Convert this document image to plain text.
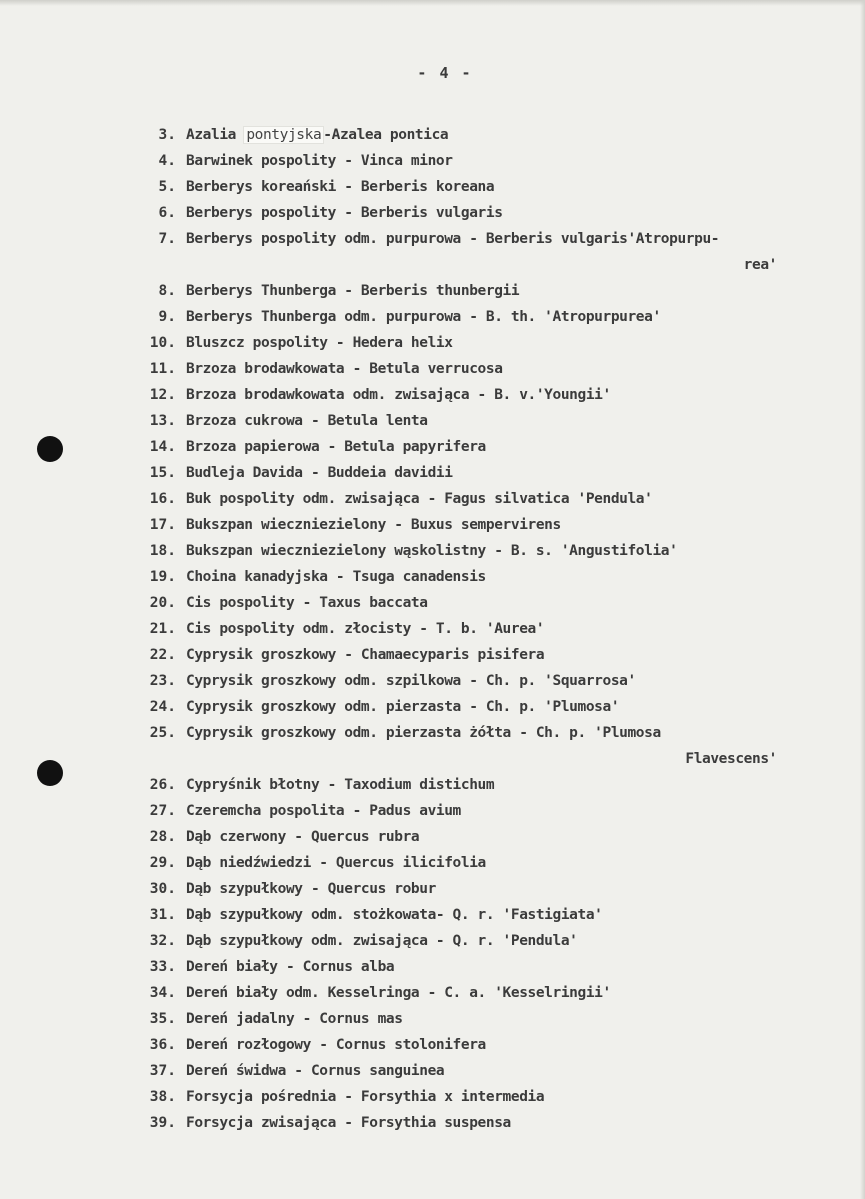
- 4 -
3. Azalia pontyjska -Azalea pontica
4. Barwinek pospolity - Vinca minor
5. Berberys koreański - Berberis koreana
6. Berberys pospolity - Berberis vulgaris
7. Berberys pospolity odm. purpurowa - Berberis vulgaris'Atropurpu-
rea'
8. Berberys Thunberga - Berberis thunbergii
9. Berberys Thunberga odm. purpurowa - B. th. 'Atropurpurea'
10. Bluszcz pospolity - Hedera helix
11. Brzoza brodawkowata - Betula verrucosa
12. Brzoza brodawkowata odm. zwisająca - B. v.'Youngii'
13. Brzoza cukrowa - Betula lenta
14. Brzoza papierowa - Betula papyrifera
15. Budleja Davida - Buddeia davidii
16. Buk pospolity odm. zwisająca - Fagus silvatica 'Pendula'
17. Bukszpan wieczniezielony - Buxus sempervirens
18. Bukszpan wieczniezielony wąskolistny - B. s. 'Angustifolia'
19. Choina kanadyjska - Tsuga canadensis
20. Cis pospolity - Taxus baccata
21. Cis pospolity odm. złocisty - T. b. 'Aurea'
22. Cyprysik groszkowy - Chamaecyparis pisifera
23. Cyprysik groszkowy odm. szpilkowa - Ch. p. 'Squarrosa'
24. Cyprysik groszkowy odm. pierzasta - Ch. p. 'Plumosa'
25. Cyprysik groszkowy odm. pierzasta żółta - Ch. p. 'Plumosa
Flavescens'
26. Cypryśnik błotny - Taxodium distichum
27. Czeremcha pospolita - Padus avium
28. Dąb czerwony - Quercus rubra
29. Dąb niedźwiedzi - Quercus ilicifolia
30. Dąb szypułkowy - Quercus robur
31. Dąb szypułkowy odm. stożkowata- Q. r. 'Fastigiata'
32. Dąb szypułkowy odm. zwisająca - Q. r. 'Pendula'
33. Dereń biały - Cornus alba
34. Dereń biały odm. Kesselringa - C. a. 'Kesselringii'
35. Dereń jadalny - Cornus mas
36. Dereń rozłogowy - Cornus stolonifera
37. Dereń świdwa - Cornus sanguinea
38. Forsycja pośrednia - Forsythia x intermedia
39. Forsycja zwisająca - Forsythia suspensa
